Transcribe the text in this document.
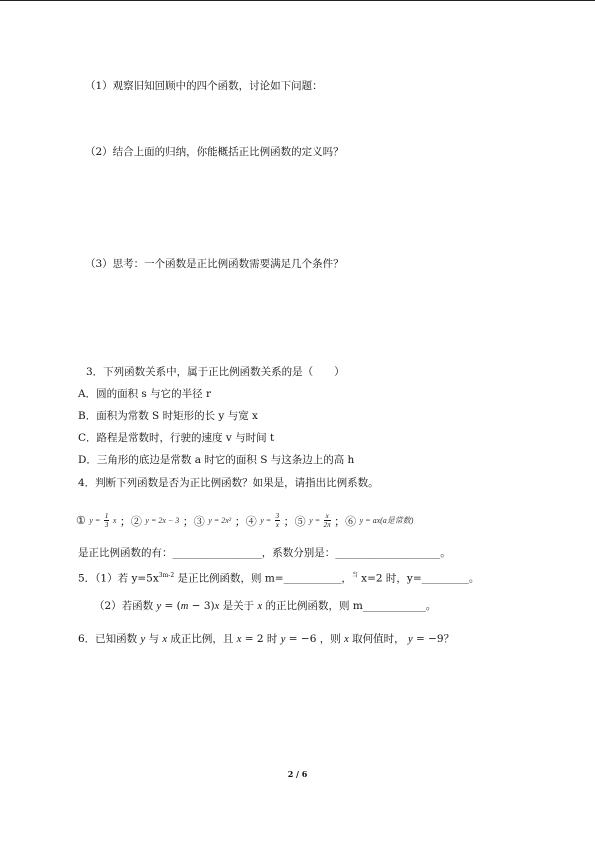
（1）观察旧知回顾中的四个函数，讨论如下问题：
（2）结合上面的归纳，你能概括正比例函数的定义吗？
（3）思考：一个函数是正比例函数需要满足几个条件？
3．下列函数关系中，属于正比例函数关系的是（　　）
A．圆的面积 s 与它的半径 r
B．面积为常数 S 时矩形的长 y 与宽 x
C．路程是常数时，行驶的速度 v 与时间 t
D．三角形的底边是常数 a 时它的面积 S 与这条边上的高 h
4．判断下列函数是否为正比例函数？如果是，请指出比例系数。
① $y = \frac{1}{3}$ x ；② y = 2x − 3 ；③ y = 2x² ；④ $y = \frac{3}{x}$ ；⑤ $y = \frac{x}{2\pi}$ ；⑥ y = ax(a是常数)
是正比例函数的有：_________________，系数分别是：____________________。
5．（1）若 $y=5x^{3m-2}$ 是正比例函数，则 m=___________，$^当$ x=2 时，y=_________。
（2）若函数 y = (m − 3)x 是关于 x 的正比例函数，则 m____________。
6．已知函数 y 与 x 成正比例，且 x = 2 时 y = −6 ，则 x 取何值时， y = −9？
2 / 6
